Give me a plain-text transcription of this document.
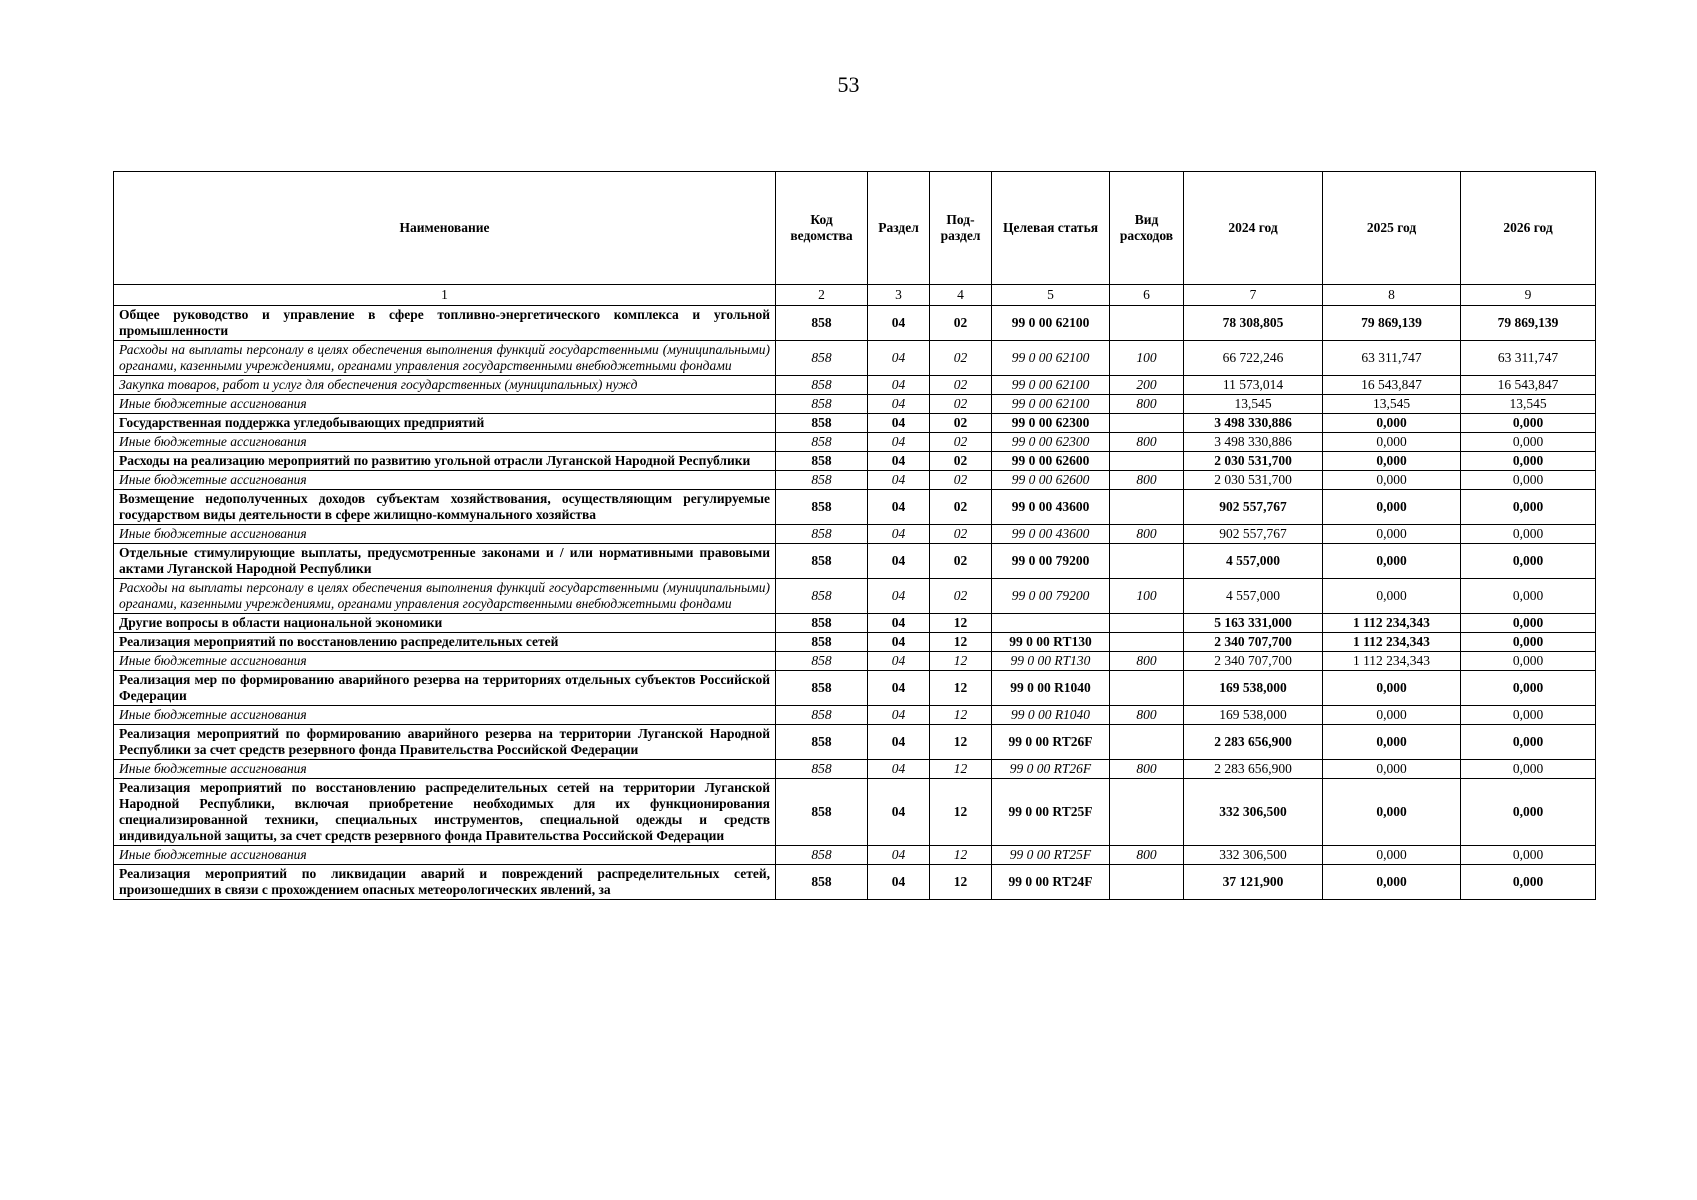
53
Наименование	Код ведомства	Раздел	Под-раздел	Целевая статья	Вид расходов	2024 год	2025 год	2026 год
1	2	3	4	5	6	7	8	9
Общее руководство и управление в сфере топливно-энергетического комплекса и угольной промышленности	858	04	02	99 0 00 62100		78 308,805	79 869,139	79 869,139
Расходы на выплаты персоналу в целях обеспечения выполнения функций государственными (муниципальными) органами, казенными учреждениями, органами управления государственными внебюджетными фондами	858	04	02	99 0 00 62100	100	66 722,246	63 311,747	63 311,747
Закупка товаров, работ и услуг для обеспечения государственных (муниципальных) нужд	858	04	02	99 0 00 62100	200	11 573,014	16 543,847	16 543,847
Иные бюджетные ассигнования	858	04	02	99 0 00 62100	800	13,545	13,545	13,545
Государственная поддержка угледобывающих предприятий	858	04	02	99 0 00 62300		3 498 330,886	0,000	0,000
Иные бюджетные ассигнования	858	04	02	99 0 00 62300	800	3 498 330,886	0,000	0,000
Расходы на реализацию мероприятий по развитию угольной отрасли Луганской Народной Республики	858	04	02	99 0 00 62600		2 030 531,700	0,000	0,000
Иные бюджетные ассигнования	858	04	02	99 0 00 62600	800	2 030 531,700	0,000	0,000
Возмещение недополученных доходов субъектам хозяйствования, осуществляющим регулируемые государством виды деятельности в сфере жилищно-коммунального хозяйства	858	04	02	99 0 00 43600		902 557,767	0,000	0,000
Иные бюджетные ассигнования	858	04	02	99 0 00 43600	800	902 557,767	0,000	0,000
Отдельные стимулирующие выплаты, предусмотренные законами и / или нормативными правовыми актами Луганской Народной Республики	858	04	02	99 0 00 79200		4 557,000	0,000	0,000
Расходы на выплаты персоналу в целях обеспечения выполнения функций государственными (муниципальными) органами, казенными учреждениями, органами управления государственными внебюджетными фондами	858	04	02	99 0 00 79200	100	4 557,000	0,000	0,000
Другие вопросы в области национальной экономики	858	04	12			5 163 331,000	1 112 234,343	0,000
Реализация мероприятий по восстановлению распределительных сетей	858	04	12	99 0 00 RT130		2 340 707,700	1 112 234,343	0,000
Иные бюджетные ассигнования	858	04	12	99 0 00 RT130	800	2 340 707,700	1 112 234,343	0,000
Реализация мер по формированию аварийного резерва на территориях отдельных субъектов Российской Федерации	858	04	12	99 0 00 R1040		169 538,000	0,000	0,000
Иные бюджетные ассигнования	858	04	12	99 0 00 R1040	800	169 538,000	0,000	0,000
Реализация мероприятий по формированию аварийного резерва на территории Луганской Народной Республики за счет средств резервного фонда Правительства Российской Федерации	858	04	12	99 0 00 RT26F		2 283 656,900	0,000	0,000
Иные бюджетные ассигнования	858	04	12	99 0 00 RT26F	800	2 283 656,900	0,000	0,000
Реализация мероприятий по восстановлению распределительных сетей на территории Луганской Народной Республики, включая приобретение необходимых для их функционирования специализированной техники, специальных инструментов, специальной одежды и средств индивидуальной защиты, за счет средств резервного фонда Правительства Российской Федерации	858	04	12	99 0 00 RT25F		332 306,500	0,000	0,000
Иные бюджетные ассигнования	858	04	12	99 0 00 RT25F	800	332 306,500	0,000	0,000
Реализация мероприятий по ликвидации аварий и повреждений распределительных сетей, произошедших в связи с прохождением опасных метеорологических явлений, за	858	04	12	99 0 00 RT24F		37 121,900	0,000	0,000
